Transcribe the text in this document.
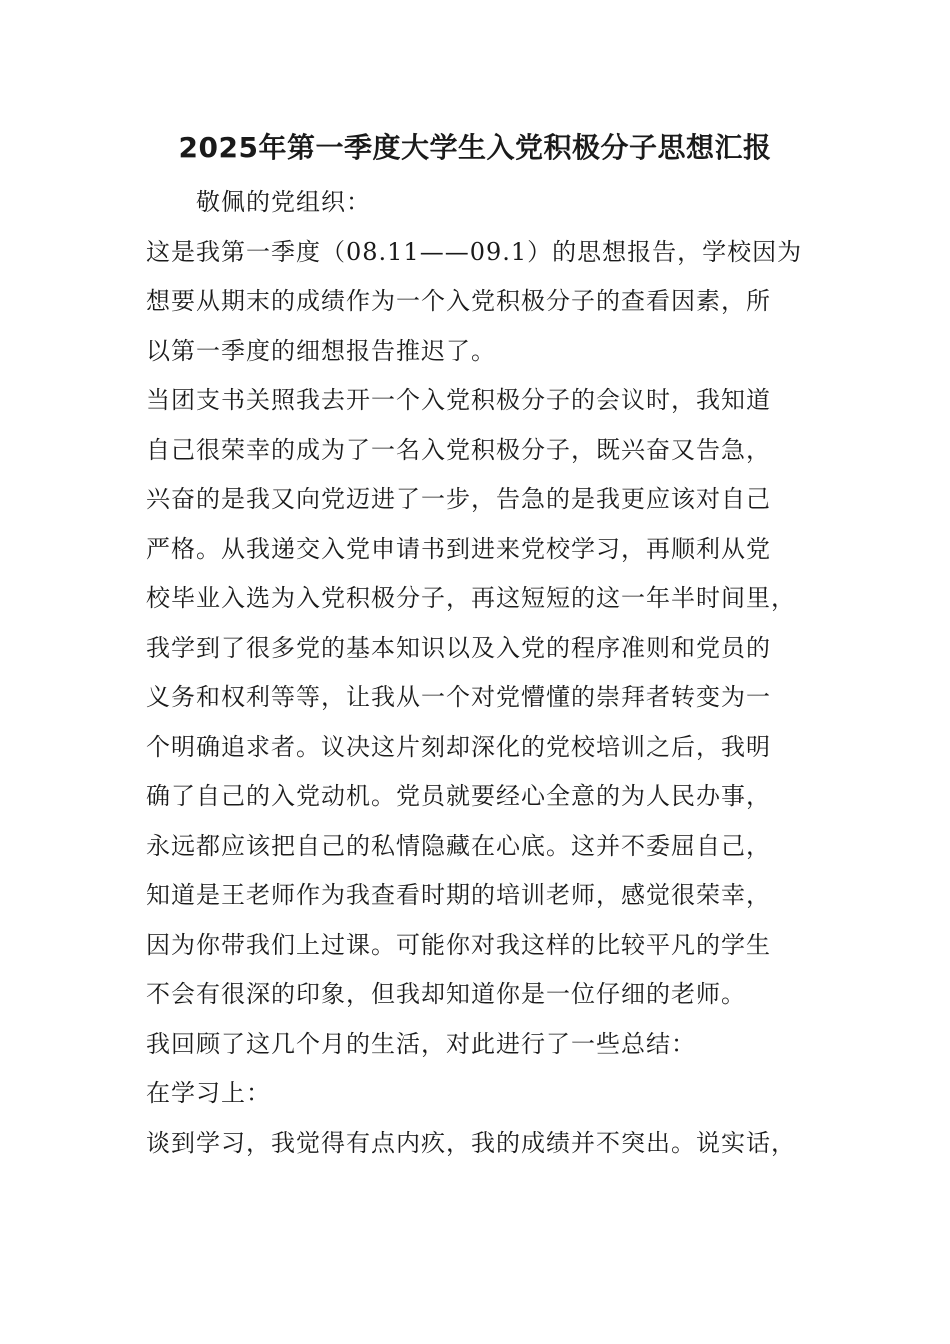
2025年第一季度大学生入党积极分子思想汇报

敬佩的党组织：

这是我第一季度（08.11——09.1）的思想报告，学校因为
想要从期末的成绩作为一个入党积极分子的查看因素，所
以第一季度的细想报告推迟了。
当团支书关照我去开一个入党积极分子的会议时，我知道
自己很荣幸的成为了一名入党积极分子，既兴奋又告急，
兴奋的是我又向党迈进了一步，告急的是我更应该对自己
严格。从我递交入党申请书到进来党校学习，再顺利从党
校毕业入选为入党积极分子，再这短短的这一年半时间里，
我学到了很多党的基本知识以及入党的程序准则和党员的
义务和权利等等，让我从一个对党懵懂的崇拜者转变为一
个明确追求者。议决这片刻却深化的党校培训之后，我明
确了自己的入党动机。党员就要经心全意的为人民办事，
永远都应该把自己的私情隐藏在心底。这并不委屈自己，
知道是王老师作为我查看时期的培训老师，感觉很荣幸，
因为你带我们上过课。可能你对我这样的比较平凡的学生
不会有很深的印象，但我却知道你是一位仔细的老师。
我回顾了这几个月的生活，对此进行了一些总结：
在学习上：
谈到学习，我觉得有点内疚，我的成绩并不突出。说实话，
